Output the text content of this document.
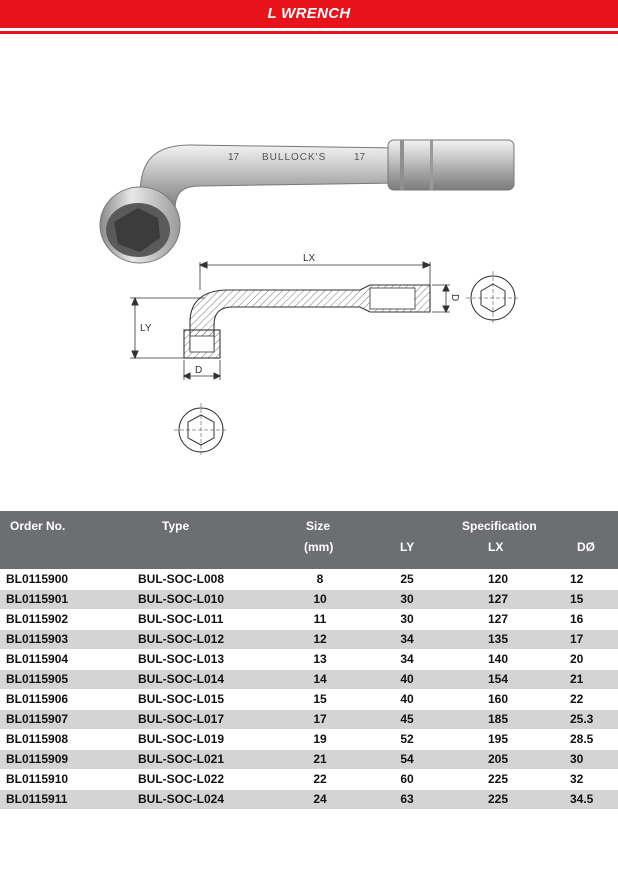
L WRENCH
17 BULLOCK'S	17
LX
LY
D
D
Order No.	Type	Size
(mm)
Specification
LY	LX	DØ
BL0115900	BUL-SOC-L008	8	25	120	12
BL0115901	BUL-SOC-L010	10	30	127	15
BL0115902	BUL-SOC-L011	11	30	127	16
BL0115903	BUL-SOC-L012	12	34	135	17
BL0115904	BUL-SOC-L013	13	34	140	20
BL0115905	BUL-SOC-L014	14	40	154	21
BL0115906	BUL-SOC-L015	15	40	160	22
BL0115907	BUL-SOC-L017	17	45	185	25.3
BL0115908	BUL-SOC-L019	19	52	195	28.5
BL0115909	BUL-SOC-L021	21	54	205	30
BL0115910	BUL-SOC-L022	22	60	225	32
BL0115911	BUL-SOC-L024	24	63	225	34.5
